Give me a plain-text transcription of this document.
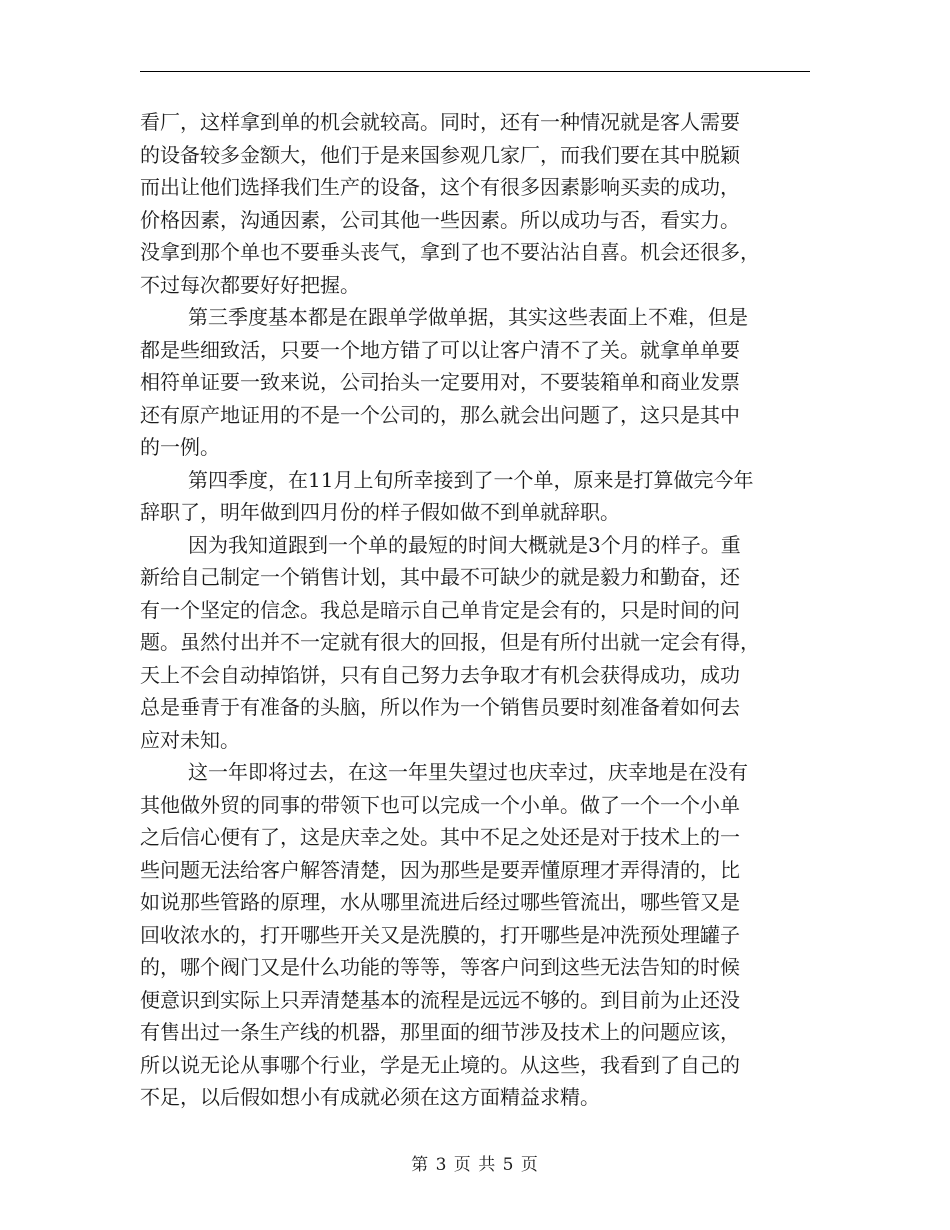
看厂，这样拿到单的机会就较高。同时，还有一种情况就是客人需要
的设备较多金额大，他们于是来国参观几家厂，而我们要在其中脱颖
而出让他们选择我们生产的设备，这个有很多因素影响买卖的成功，
价格因素，沟通因素，公司其他一些因素。所以成功与否，看实力。
没拿到那个单也不要垂头丧气，拿到了也不要沾沾自喜。机会还很多，
不过每次都要好好把握。
第三季度基本都是在跟单学做单据，其实这些表面上不难，但是
都是些细致活，只要一个地方错了可以让客户清不了关。就拿单单要
相符单证要一致来说，公司抬头一定要用对，不要装箱单和商业发票
还有原产地证用的不是一个公司的，那么就会出问题了，这只是其中
的一例。
第四季度，在11月上旬所幸接到了一个单，原来是打算做完今年
辞职了，明年做到四月份的样子假如做不到单就辞职。
因为我知道跟到一个单的最短的时间大概就是3个月的样子。重
新给自己制定一个销售计划，其中最不可缺少的就是毅力和勤奋，还
有一个坚定的信念。我总是暗示自己单肯定是会有的，只是时间的问
题。虽然付出并不一定就有很大的回报，但是有所付出就一定会有得，
天上不会自动掉馅饼，只有自己努力去争取才有机会获得成功，成功
总是垂青于有准备的头脑，所以作为一个销售员要时刻准备着如何去
应对未知。
这一年即将过去，在这一年里失望过也庆幸过，庆幸地是在没有
其他做外贸的同事的带领下也可以完成一个小单。做了一个一个小单
之后信心便有了，这是庆幸之处。其中不足之处还是对于技术上的一
些问题无法给客户解答清楚，因为那些是要弄懂原理才弄得清的，比
如说那些管路的原理，水从哪里流进后经过哪些管流出，哪些管又是
回收浓水的，打开哪些开关又是洗膜的，打开哪些是冲洗预处理罐子
的，哪个阀门又是什么功能的等等，等客户问到这些无法告知的时候
便意识到实际上只弄清楚基本的流程是远远不够的。到目前为止还没
有售出过一条生产线的机器，那里面的细节涉及技术上的问题应该，
所以说无论从事哪个行业，学是无止境的。从这些，我看到了自己的
不足，以后假如想小有成就必须在这方面精益求精。
第 3 页 共 5 页
